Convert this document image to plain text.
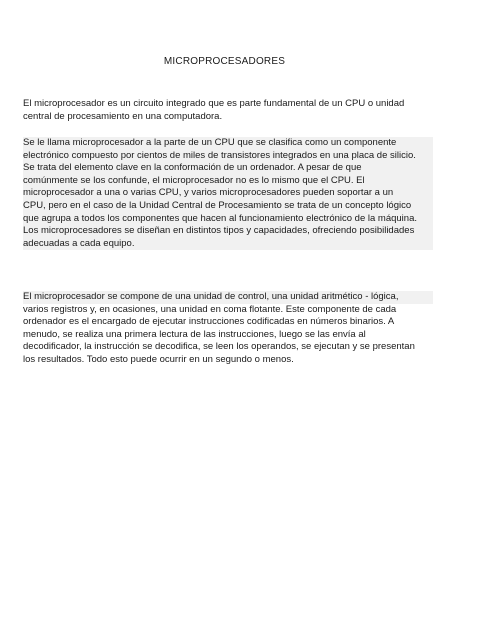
MICROPROCESADORES

El microprocesador es un circuito integrado que es parte fundamental de un CPU o unidad
central de procesamiento en una computadora.

Se le llama microprocesador a la parte de un CPU que se clasifica como un componente
electrónico compuesto por cientos de miles de transistores integrados en una placa de silicio.
Se trata del elemento clave en la conformación de un ordenador. A pesar de que
comúnmente se los confunde, el microprocesador no es lo mismo que el CPU. El
microprocesador a una o varias CPU, y varios microprocesadores pueden soportar a un
CPU, pero en el caso de la Unidad Central de Procesamiento se trata de un concepto lógico
que agrupa a todos los componentes que hacen al funcionamiento electrónico de la máquina.
Los microprocesadores se diseñan en distintos tipos y capacidades, ofreciendo posibilidades
adecuadas a cada equipo.

El microprocesador se compone de una unidad de control, una unidad aritmético - lógica,
varios registros y, en ocasiones, una unidad en coma flotante. Este componente de cada
ordenador es el encargado de ejecutar instrucciones codificadas en números binarios. A
menudo, se realiza una primera lectura de las instrucciones, luego se las envía al
decodificador, la instrucción se decodifica, se leen los operandos, se ejecutan y se presentan
los resultados. Todo esto puede ocurrir en un segundo o menos.
